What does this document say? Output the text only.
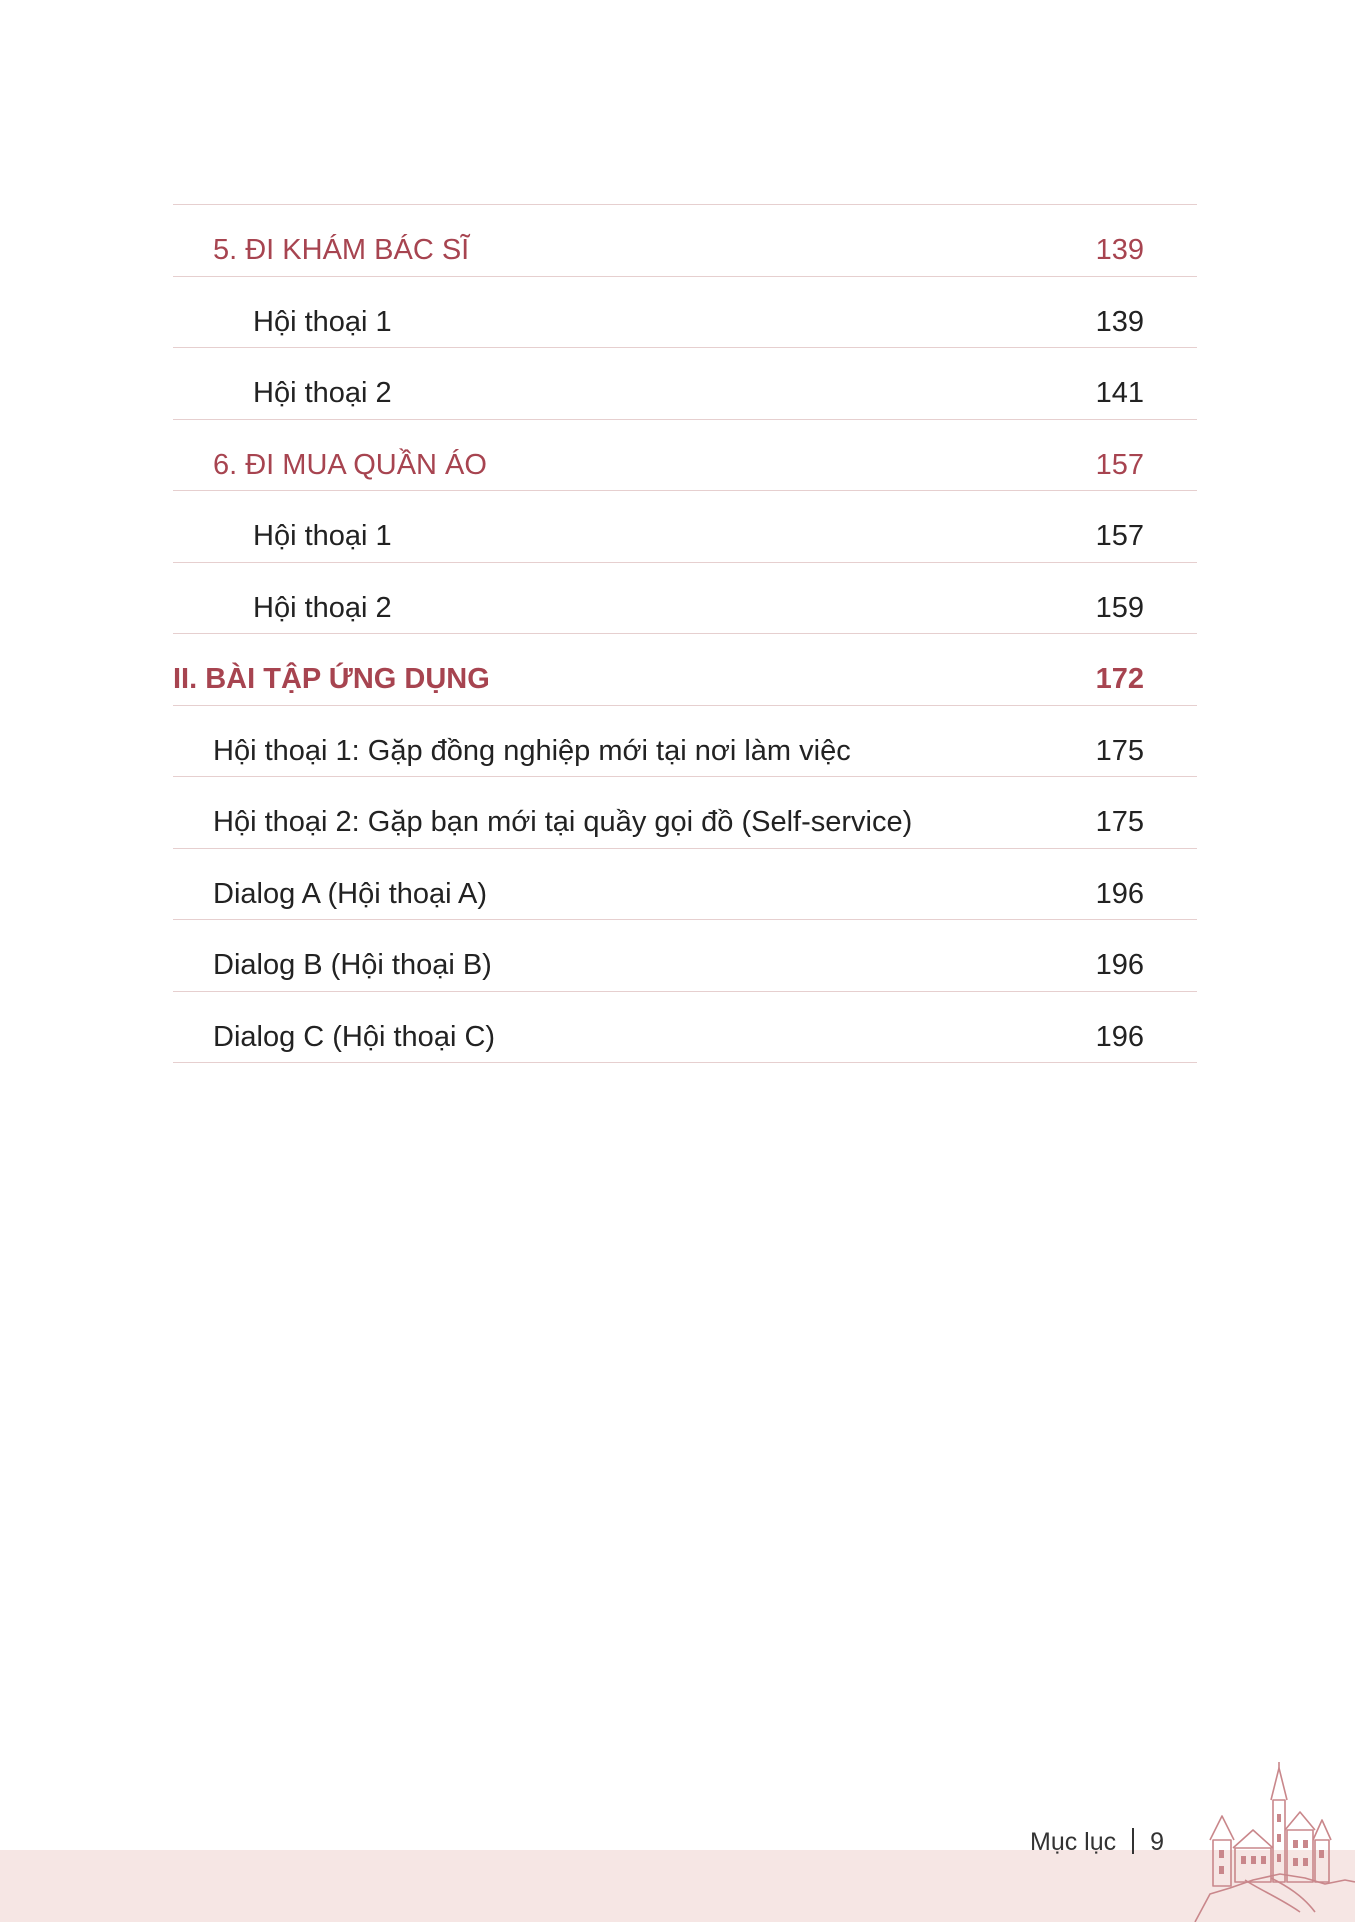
5. ĐI KHÁM BÁC SĨ	139
Hội thoại 1	139
Hội thoại 2	141
6. ĐI MUA QUẦN ÁO	157
Hội thoại 1	157
Hội thoại 2	159
II. BÀI TẬP ỨNG DỤNG	172
Hội thoại 1: Gặp đồng nghiệp mới tại nơi làm việc	175
Hội thoại 2: Gặp bạn mới tại quầy gọi đồ (Self-service)	175
Dialog A (Hội thoại A)	196
Dialog B (Hội thoại B)	196
Dialog C (Hội thoại C)	196
Mục lục 9
